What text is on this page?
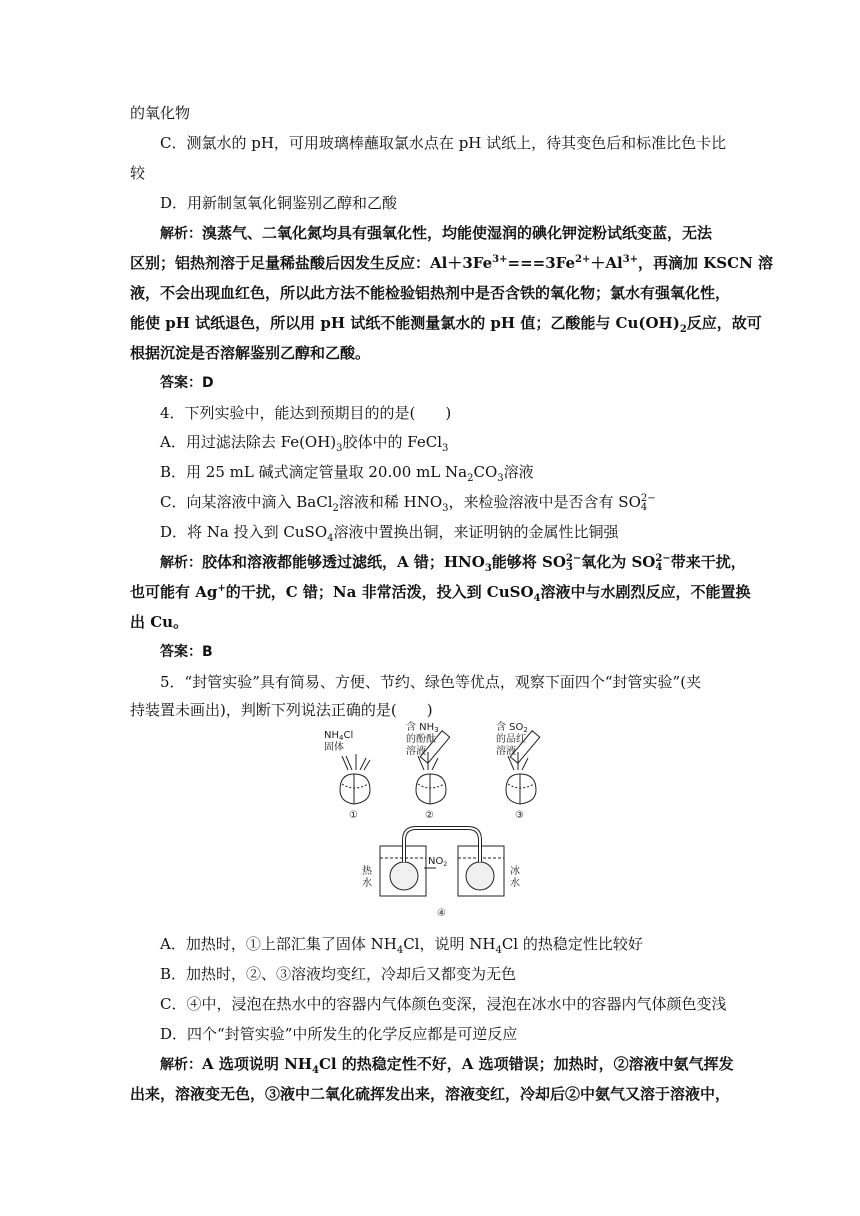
的氧化物
C．测氯水的 pH，可用玻璃棒蘸取氯水点在 pH 试纸上，待其变色后和标准比色卡比
较
D．用新制氢氧化铜鉴别乙醇和乙酸
解析：溴蒸气、二氧化氮均具有强氧化性，均能使湿润的碘化钾淀粉试纸变蓝，无法
区别；铝热剂溶于足量稀盐酸后因发生反应：$Al+3Fe^{3+}===3Fe^{2+}+Al^{3+}$，再滴加 KSCN 溶
液，不会出现血红色，所以此方法不能检验铝热剂中是否含铁的氧化物；氯水有强氧化性，
能使 pH 试纸退色，所以用 pH 试纸不能测量氯水的 pH 值；乙酸能与 $Cu(OH)_2$反应，故可
根据沉淀是否溶解鉴别乙醇和乙酸。
答案：D
4．下列实验中，能达到预期目的的是(　　)
A．用过滤法除去 $Fe(OH)_3$胶体中的 FeCl$_3$
B．用 25 mL 碱式滴定管量取 20.00 mL $Na_2CO_3$溶液
C．向某溶液中滴入 BaCl$_2$溶液和稀 $HNO_3$，来检验溶液中是否含有 SO 2−
4
D．将 Na 投入到 CuSO$_4$溶液中置换出铜，来证明钠的金属性比铜强
解析：胶体和溶液都能够透过滤纸，A 错；$HNO_3$能够将 SO 2−
3 氧化为 SO 2−
4 带来干扰，
也可能有 Ag+的干扰，C 错；Na 非常活泼，投入到 CuSO$_4$溶液中与水剧烈反应，不能置换
出 Cu。
答案：B
5．“封管实验”具有简易、方便、节约、绿色等优点，观察下面四个“封管实验”(夹
持装置未画出)，判断下列说法正确的是(　　)
$NH_4Cl$
固体
含 $NH_3$
的酚酞
溶液
含 $SO_2$
的品红
溶液
①	②	③
热
水
冰
水
$NO_2$
④
A．加热时，①上部汇集了固体 $NH_4Cl$，说明 $NH_4Cl$ 的热稳定性比较好
B．加热时，②、③溶液均变红，冷却后又都变为无色
C．④中，浸泡在热水中的容器内气体颜色变深，浸泡在冰水中的容器内气体颜色变浅
D．四个“封管实验”中所发生的化学反应都是可逆反应
解析：A 选项说明 $NH_4Cl$ 的热稳定性不好，A 选项错误；加热时，②溶液中氨气挥发
出来，溶液变无色，③液中二氧化硫挥发出来，溶液变红，冷却后②中氨气又溶于溶液中，
